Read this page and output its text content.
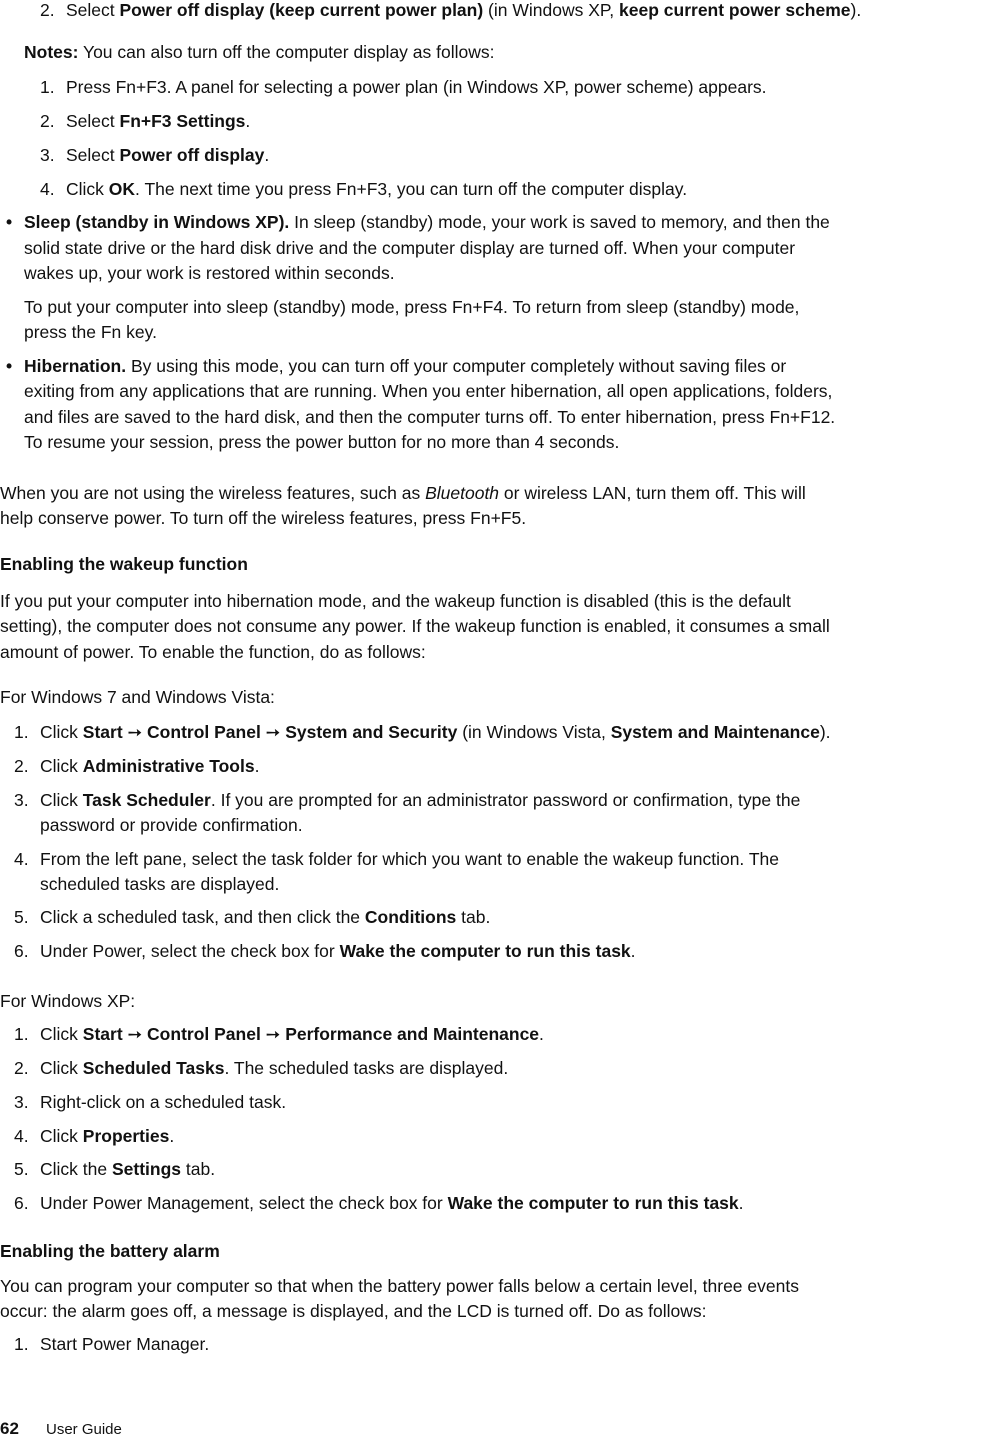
2. Select Power off display (keep current power plan) (in Windows XP, keep current power scheme).

Notes: You can also turn off the computer display as follows:

1. Press Fn+F3. A panel for selecting a power plan (in Windows XP, power scheme) appears.

2. Select Fn+F3 Settings.

3. Select Power off display.

4. Click OK. The next time you press Fn+F3, you can turn off the computer display.

• Sleep (standby in Windows XP). In sleep (standby) mode, your work is saved to memory, and then the

solid state drive or the hard disk drive and the computer display are turned off. When your computer

wakes up, your work is restored within seconds.

To put your computer into sleep (standby) mode, press Fn+F4. To return from sleep (standby) mode,

press the Fn key.

• Hibernation. By using this mode, you can turn off your computer completely without saving files or

exiting from any applications that are running. When you enter hibernation, all open applications, folders,

and files are saved to the hard disk, and then the computer turns off. To enter hibernation, press Fn+F12.

To resume your session, press the power button for no more than 4 seconds.

When you are not using the wireless features, such as Bluetooth or wireless LAN, turn them off. This will

help conserve power. To turn off the wireless features, press Fn+F5.

Enabling the wakeup function

If you put your computer into hibernation mode, and the wakeup function is disabled (this is the default

setting), the computer does not consume any power. If the wakeup function is enabled, it consumes a small

amount of power. To enable the function, do as follows:

For Windows 7 and Windows Vista:

1. Click Start ➙ Control Panel ➙ System and Security (in Windows Vista, System and Maintenance).

2. Click Administrative Tools.

3. Click Task Scheduler. If you are prompted for an administrator password or confirmation, type the

password or provide confirmation.

4. From the left pane, select the task folder for which you want to enable the wakeup function. The

scheduled tasks are displayed.

5. Click a scheduled task, and then click the Conditions tab.

6. Under Power, select the check box for Wake the computer to run this task.

For Windows XP:

1. Click Start ➙ Control Panel ➙ Performance and Maintenance.

2. Click Scheduled Tasks. The scheduled tasks are displayed.

3. Right-click on a scheduled task.

4. Click Properties.

5. Click the Settings tab.

6. Under Power Management, select the check box for Wake the computer to run this task.

Enabling the battery alarm

You can program your computer so that when the battery power falls below a certain level, three events

occur: the alarm goes off, a message is displayed, and the LCD is turned off. Do as follows:

1. Start Power Manager.

62 User Guide
